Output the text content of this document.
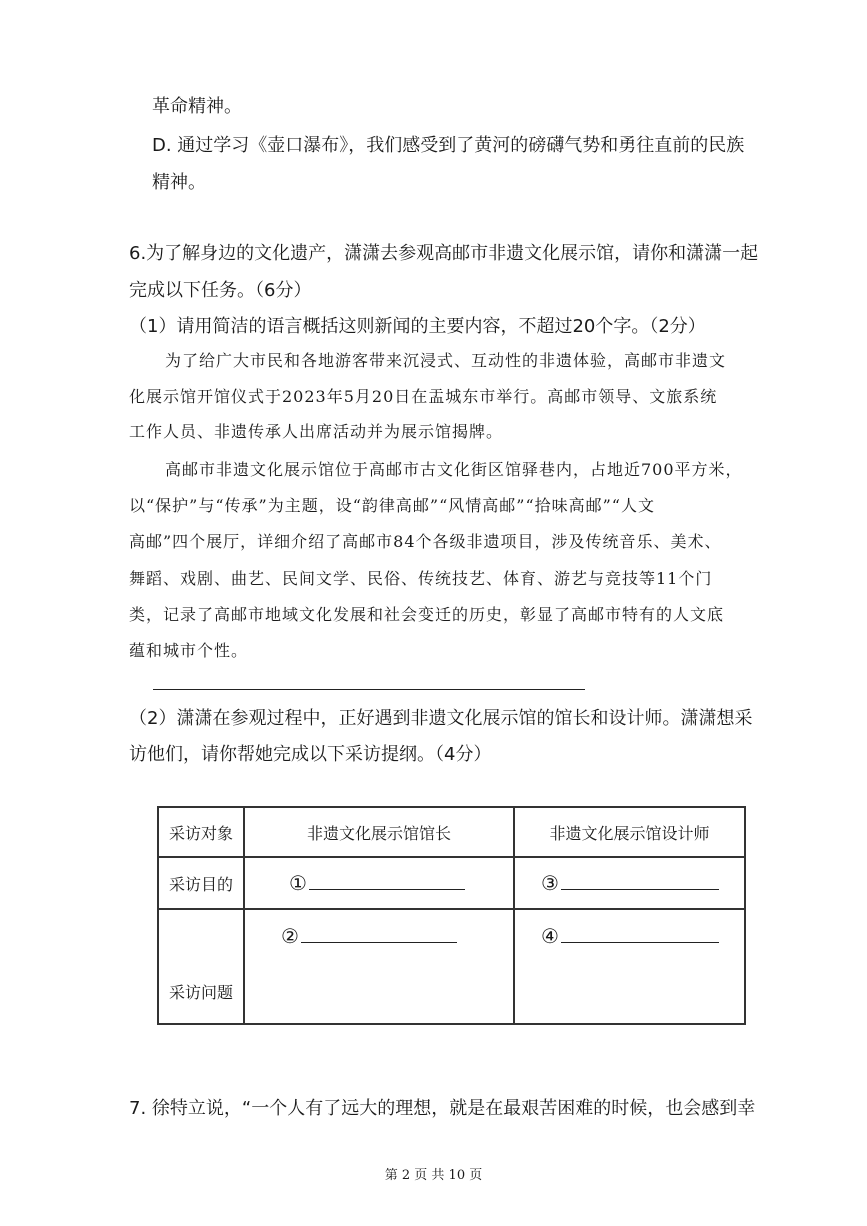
革命精神。
D. 通过学习《壶口瀑布》，我们感受到了黄河的磅礴气势和勇往直前的民族
精神。
6.为了解身边的文化遗产，潇潇去参观高邮市非遗文化展示馆，请你和潇潇一起
完成以下任务。（6分）
（1）请用简洁的语言概括这则新闻的主要内容，不超过20个字。（2分）
为了给广大市民和各地游客带来沉浸式、互动性的非遗体验，高邮市非遗文
化展示馆开馆仪式于2023年5月20日在盂城东市举行。高邮市领导、文旅系统
工作人员、非遗传承人出席活动并为展示馆揭牌。
高邮市非遗文化展示馆位于高邮市古文化街区馆驿巷内，占地近700平方米，
以“保护”与“传承”为主题，设“韵律高邮”“风情高邮”“拾味高邮”“人文
高邮”四个展厅，详细介绍了高邮市84个各级非遗项目，涉及传统音乐、美术、
舞蹈、戏剧、曲艺、民间文学、民俗、传统技艺、体育、游艺与竞技等11个门
类，记录了高邮市地域文化发展和社会变迁的历史，彰显了高邮市特有的人文底
蕴和城市个性。
（2）潇潇在参观过程中，正好遇到非遗文化展示馆的馆长和设计师。潇潇想采
访他们，请你帮她完成以下采访提纲。（4分）
采访对象	非遗文化展示馆馆长	非遗文化展示馆设计师
采访目的	①	③

采访问题	②	④
7. 徐特立说，“一个人有了远大的理想，就是在最艰苦困难的时候，也会感到幸
第 2 页 共 10 页
